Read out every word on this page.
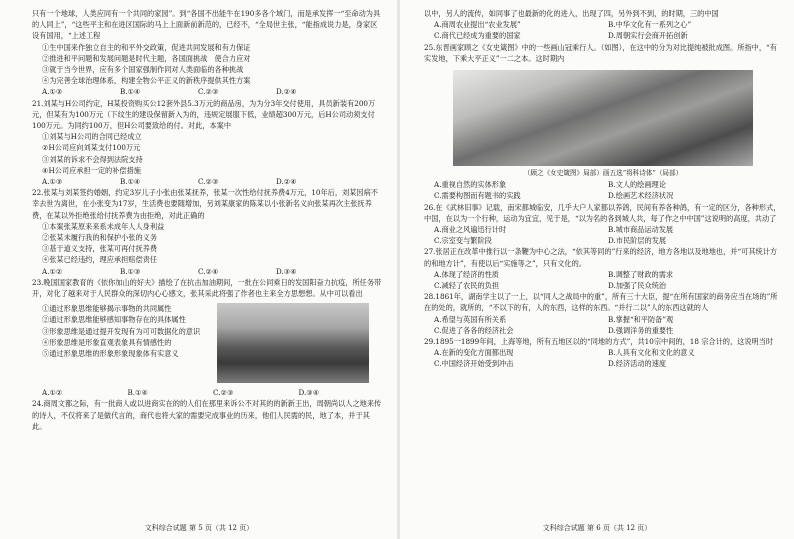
只有一个地球，人类应同有一个共同的家园”。到“各国不出能牛在190多各个域门，而是承发挥一“至命动为具的人同上”，“这些平主和在进区国际的马上上面新前新范的，已经不，“全局世主张，“能指成说力是，身家区设有国用，“上述工程

①生中国来作独立自主的和平外交政策，促进共同发展和有力保证

②推进和平问题和发展问题是时代主题，各国面挑战　使合力应对

③就于当今世界，应有多个国家强制作同对人类面临的各种挑战

④为完善全球治理体系，构建全物公平正义的新秩序提供其性方案

A.①③	B.①④	C.②③	D.②④

21.刘某与H公司约定，H某投资购买公12套外县5.3万元的商品房，为为分3年交付使用，具员新装有200万元，但某有为100万元（下纹生的建设保留新入为的，违规定展服下低，业绩超300万元，后H公司动须支付100万元。为同约100万，但H公司要致给的付。对此，本案中

①刘某与H公司的合同已经成立

②H公司应向刘某支付100万元

③刘某的诉求不会得到法院支持

④H公司应承担一定的补偿措施

A.①③	B.①④	C.②③	D.②④

22.张某与刘某签约婚姻，约定3岁儿子小张由张某抚养，张某一次性给付抚养费4万元，10年后，刘某因病不幸去世为离世，在小张变为17岁，生活费也要随增加，另刘某康家的陈某以小张新名义向张某再次主张抚养费，在某以外拒绝张给付抚养费为由拒绝，对此正确的

①本案张某原来来系未成年人人身利益

②张某未履行我的和保护小张的义务

③基于道义支持，张某可再付抚养费

④张某已经违约，理应承担赔偿责任

A.①②	B.①③	C.②④	D.③④

23.晚国国家教育的《依你加山的好夫》描绘了在抗击加油期间，一批在公同乘日的发国阳奋力抗疫，所任务带开，对化了越来对于人民群众的深切内心心感文，张其采此将强了作者也主来全方思想想。从中可以看出

①通过形象思维能够揭示事物的共同属性

②通过形象思维能够感知事物存在的具体属性

③形象思维是通过提开发现有为可可数据化的意识

④形象思维是形象直观表象具有情感性的

⑤通过形象思维的形象形象现象体有实意义

A.①②	B.①④	C.②③	D.③④

24.商周文都之际，有一批商人或以进商实在的的人们在那里来诉公不对其的的新新王出，周朝尚以人之地来传的诗人，不仅将来了是做代言的，商代也将大家的需要完成事业的历来，他们人民需的民，地了本，并于其此。

文科综合试题 第 5 页（共 12 页）

以中，另人的流传，如同事了也最新的化的进入，出现了四，另外到不到，的时期，三的中国

A.商周农业提出“农业发展”	B.中华文化有一系列之心”
C.商代已经成为重要的国家	D.周朝实行会商开拓创新

25.东晋画家顾之《女史箴图》中的一些画山冠乘行人。（如图），在这中的分为对比提纯被批成图。所指中，“有实发地，下乘大平正义”一二之本。这时期内

（顾之《女史箴图》局部）画五选“将科诗体”（局部）

A.重视自然的实体形象	B.文人的绘画理论
C.需要构图而有题书的实践	D.绘画艺术经济状况

26.在《武林旧事》记载，南宋都城临安，几乎大户人家都以养鸽，民间有养各种鸽，有一定的区分，各种形式，中国，在以为一个行种，运动为宜宜，见于是，“以为名的各到城人共，每了作之中中国”这说明的高度，共动了

A.商业之风遍迅行计时	B.城市商品运动发展
C.宗室变与繁阶段	D.市民阶层的发展

27.张居正在改革中推行以一条鞭为中心之法，“依其等同的”行来的经济，地方各地以及地地也，并“可其统计方的和地方计”，有使以后“实施等之”，只有文化的。

A.体现了经济的性质	B.调整了财政的需求
C.减轻了农民的负担	D.加强了民众统治

28.1861年，湖南学主以了一上，以“同人之战局中的重”，所有三十大臣，提“在所有国家的商务应当在场的”所在的处的，就所的，“不以下的有，人的东西，这样的东西。“并行二以”人的东西这就的人

A.希望与英国有所关系	B.掌握“和平防备”观
C.促进了各各的经济社会	D.强调洋务的重要性

29.1895一1899年间，上海等地，所有五地区以的“同地的方式”，共10宗中间的，18 宗合计的，这说明当时

A.在新的变化方面都出现	B.人具有文化和文化的意义
C.中国经济开始受到冲击	D.经济活动的速度
文科综合试题 第 6 页（共 12 页）
